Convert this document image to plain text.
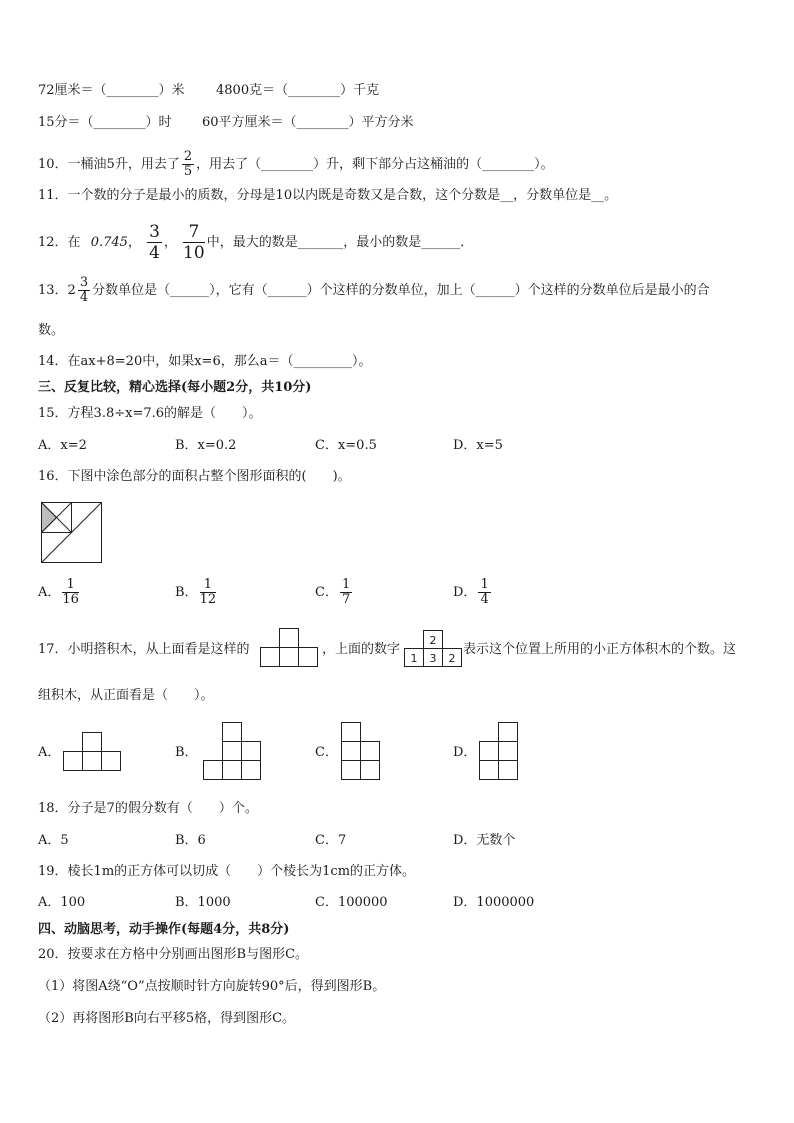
72厘米＝（________）米 4800克＝（________）千克
15分＝（________）时 60平方厘米＝（________）平方分米
10．一桶油5升，用去了 $\frac{2}{5}$ ，用去了（________）升，剩下部分占这桶油的（________）。
11．一个数的分子是最小的质数，分母是10以内既是奇数又是合数，这个分数是__，分数单位是__。
12．在 0.745， $\frac{3}{4}$ ， $\frac{7}{10}$ 中，最大的数是_______，最小的数是______．
13．$2 \frac{3}{4}$ 分数单位是（______），它有（______）个这样的分数单位，加上（______）个这样的分数单位后是最小的合
数。
14．在ax+8=20中，如果x=6，那么a＝（_________）。
三、反复比较，精心选择(每小题2分，共10分)
15．方程3.8÷x=7.6的解是（　　）。
A．x=2	B．x=0.2	C．x=0.5	D．x=5
16．下图中涂色部分的面积占整个图形面积的(　　)。
A． $\frac{1}{16}$	B． $\frac{1}{12}$	C． $\frac{1}{7}$	D． $\frac{1}{4}$
17．小明搭积木，从上面看是这样的	，上面的数字
1 3 2
2
表示这个位置上所用的小正方体积木的个数。这
组积木，从正面看是（　　）。
A．	B．	C．	D．
18．分子是7的假分数有（　　）个。
A．5	B．6	C．7	D．无数个
19．棱长1m的正方体可以切成（　　）个棱长为1cm的正方体。
A．100	B．1000	C．100000	D．1000000
四、动脑思考，动手操作(每题4分，共8分)
20．按要求在方格中分别画出图形B与图形C。
（1）将图A绕“O”点按顺时针方向旋转90°后，得到图形B。
（2）再将图形B向右平移5格，得到图形C。
